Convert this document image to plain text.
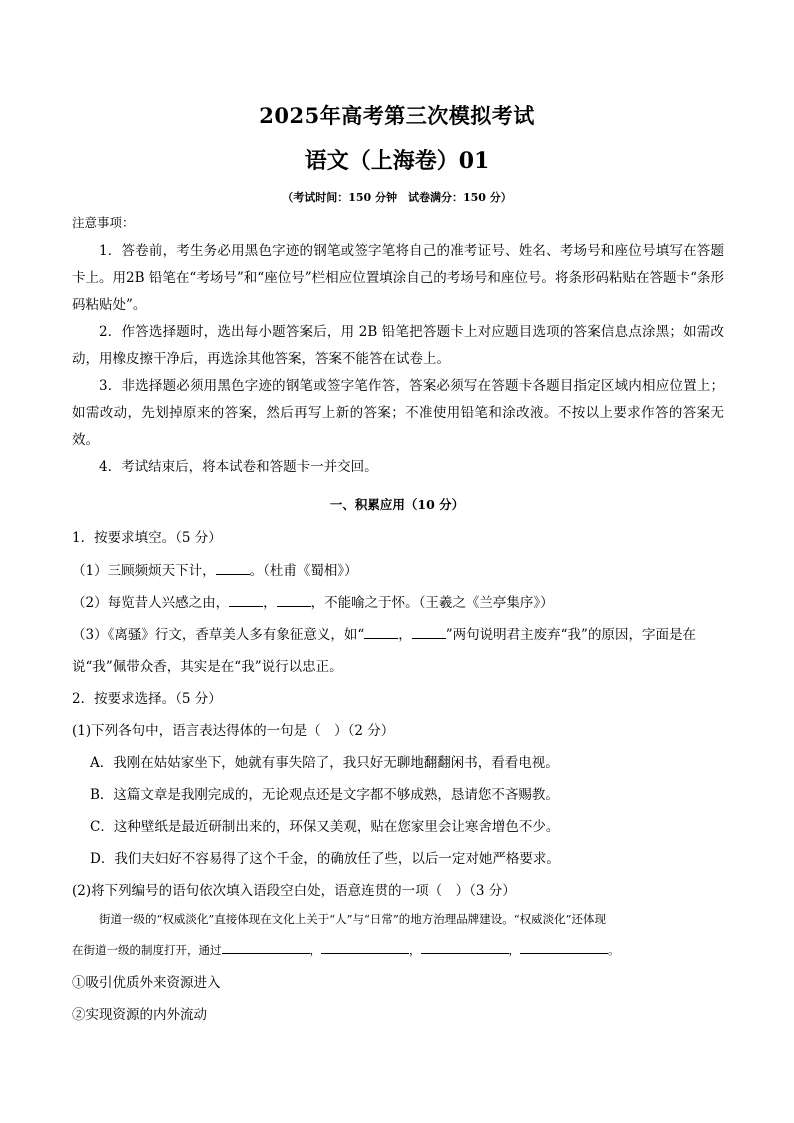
2025年高考第三次模拟考试
语文（上海卷）01
（考试时间：150 分钟　试卷满分：150 分）
注意事项：

1．答卷前，考生务必用黑色字迹的钢笔或签字笔将自己的准考证号、姓名、考场号和座位号填写在答题卡上。用2B 铅笔在“考场号”和“座位号”栏相应位置填涂自己的考场号和座位号。将条形码粘贴在答题卡“条形码粘贴处”。

2．作答选择题时，选出每小题答案后，用 2B 铅笔把答题卡上对应题目选项的答案信息点涂黑；如需改动，用橡皮擦干净后，再选涂其他答案，答案不能答在试卷上。

3．非选择题必须用黑色字迹的钢笔或签字笔作答，答案必须写在答题卡各题目指定区域内相应位置上；如需改动，先划掉原来的答案，然后再写上新的答案；不准使用铅笔和涂改液。不按以上要求作答的答案无效。

4．考试结束后，将本试卷和答题卡一并交回。

一、积累应用（10 分）
1．按要求填空。（5 分）
（1）三顾频烦天下计，	。（杜甫《蜀相》）
（2）每览昔人兴感之由，	，	，不能喻之于怀。（王羲之《兰亭集序》）
（3）《离骚》行文，香草美人多有象征意义，如“	，	”两句说明君主废弃“我”的原因，字面是在
说“我”佩带众香，其实是在“我”说行以忠正。
2．按要求选择。（5 分）
(1)下列各句中，语言表达得体的一句是（　）（2 分）
A．我刚在姑姑家坐下，她就有事失陪了，我只好无聊地翻翻闲书，看看电视。
B．这篇文章是我刚完成的，无论观点还是文字都不够成熟，恳请您不吝赐教。
C．这种壁纸是最近研制出来的，环保又美观，贴在您家里会让寒舍增色不少。
D．我们夫妇好不容易得了这个千金，的确放任了些，以后一定对她严格要求。
(2)将下列编号的语句依次填入语段空白处，语意连贯的一项（　）（3 分）
街道一级的“权威淡化”直接体现在文化上关于“人”与“日常”的地方治理品牌建设。“权威淡化”还体现
在街道一级的制度打开，通过	，	，	，	。
①吸引优质外来资源进入
②实现资源的内外流动
